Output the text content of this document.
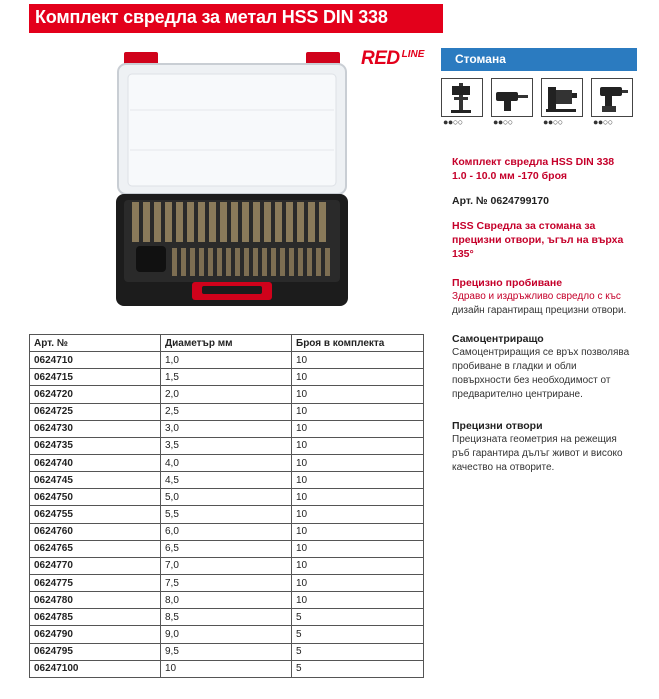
Комплект свредла за метал HSS DIN 338
RED $^{LINE}$	Стомана
●●○○	●●○○	●●○○	●●○○
Комплект свредла HSS DIN 338
1.0 - 10.0 мм -170 броя
Арт. № 0624799170
HSS Свредла за стомана за прецизни отвори, ъгъл на върха 135°
Прецизно пробиване
Здраво и издръжливо свредло с къс
дизайн гарантиращ прецизни отвори.
Самоцентриращо
Самоцентриращия се връх позволява пробиване в гладки и обли повърхности без необходимост от предварително центриране.
Прецизни отвори
Прецизната геометрия на режещия ръб гарантира дълъг живот и високо качество на отворите.
Арт. №	Диаметър мм	Броя в комплекта
0624710	1,0	10
0624715	1,5	10
0624720	2,0	10
0624725	2,5	10
0624730	3,0	10
0624735	3,5	10
0624740	4,0	10
0624745	4,5	10
0624750	5,0	10
0624755	5,5	10
0624760	6,0	10
0624765	6,5	10
0624770	7,0	10
0624775	7,5	10
0624780	8,0	10
0624785	8,5	5
0624790	9,0	5
0624795	9,5	5
06247100	10	5
